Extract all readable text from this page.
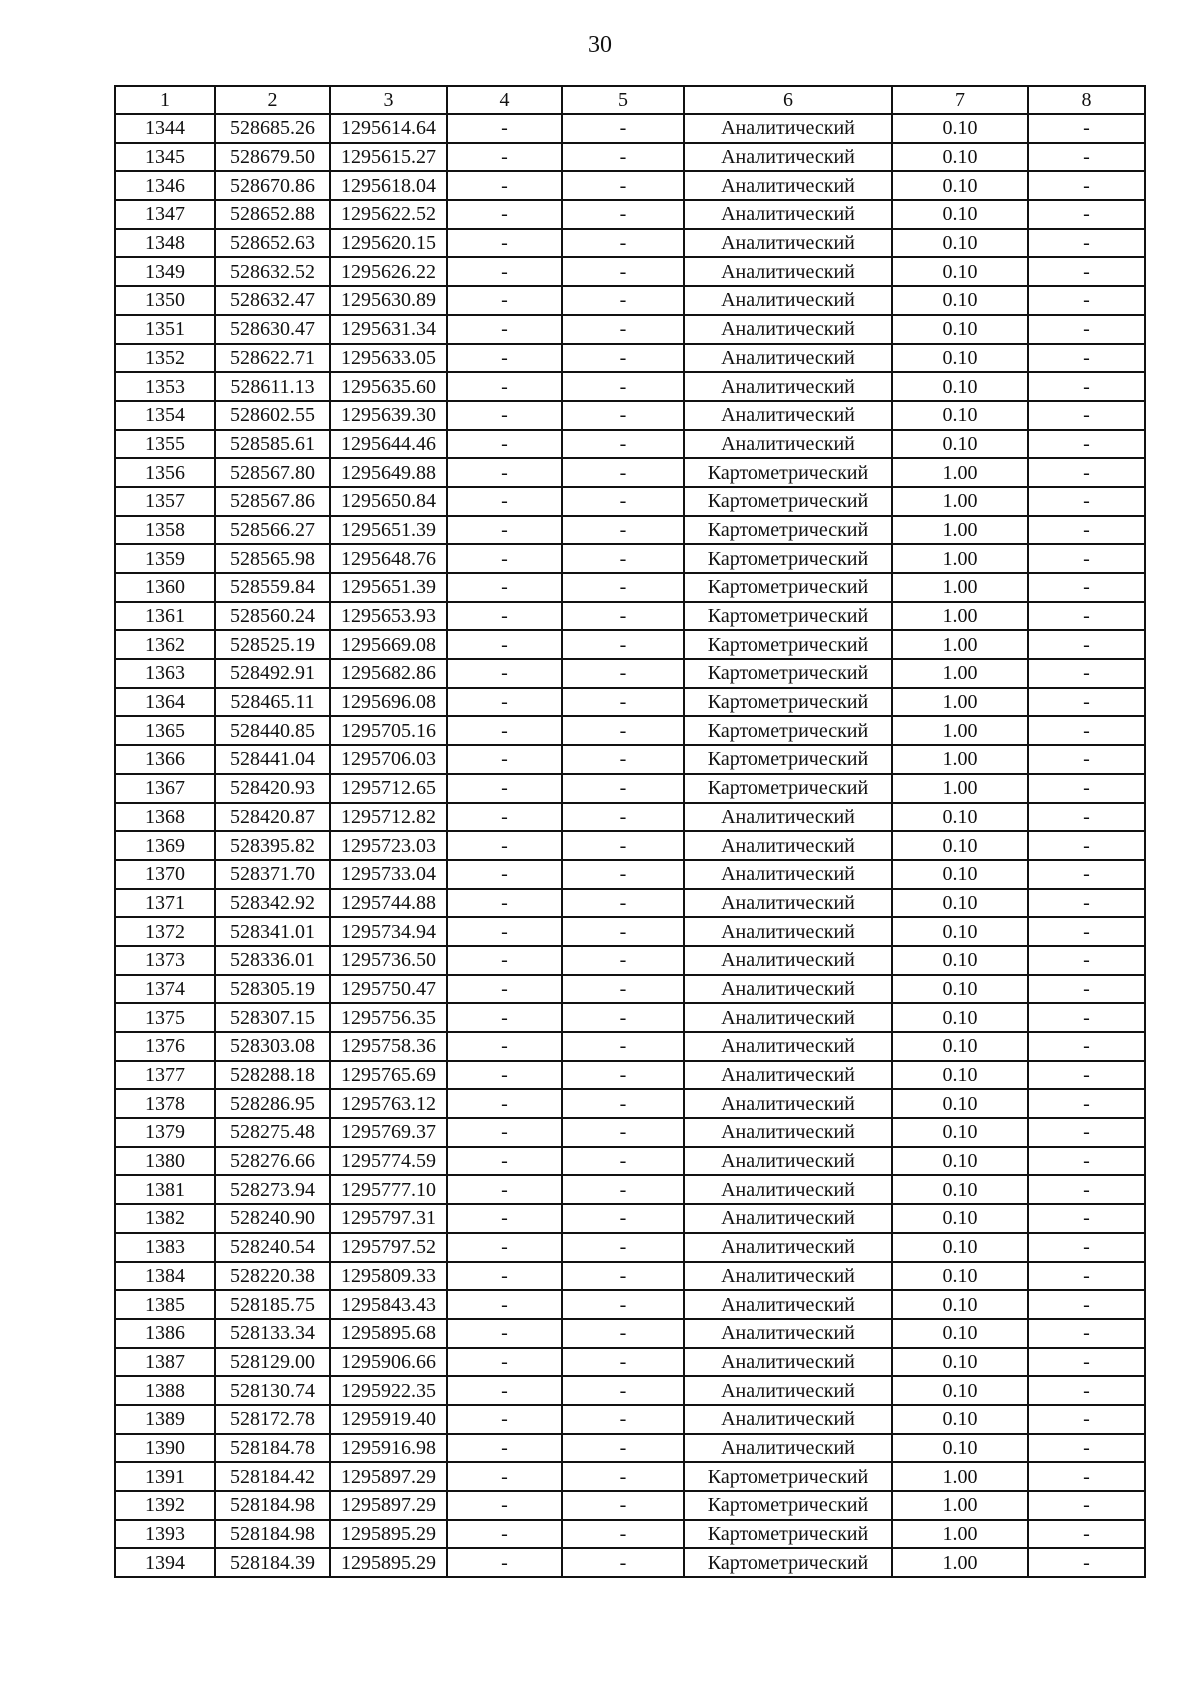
30
1	2	3	4	5	6	7	8
1344	528685.26	1295614.64	-	-	Аналитический	0.10	-
1345	528679.50	1295615.27	-	-	Аналитический	0.10	-
1346	528670.86	1295618.04	-	-	Аналитический	0.10	-
1347	528652.88	1295622.52	-	-	Аналитический	0.10	-
1348	528652.63	1295620.15	-	-	Аналитический	0.10	-
1349	528632.52	1295626.22	-	-	Аналитический	0.10	-
1350	528632.47	1295630.89	-	-	Аналитический	0.10	-
1351	528630.47	1295631.34	-	-	Аналитический	0.10	-
1352	528622.71	1295633.05	-	-	Аналитический	0.10	-
1353	528611.13	1295635.60	-	-	Аналитический	0.10	-
1354	528602.55	1295639.30	-	-	Аналитический	0.10	-
1355	528585.61	1295644.46	-	-	Аналитический	0.10	-
1356	528567.80	1295649.88	-	-	Картометрический	1.00	-
1357	528567.86	1295650.84	-	-	Картометрический	1.00	-
1358	528566.27	1295651.39	-	-	Картометрический	1.00	-
1359	528565.98	1295648.76	-	-	Картометрический	1.00	-
1360	528559.84	1295651.39	-	-	Картометрический	1.00	-
1361	528560.24	1295653.93	-	-	Картометрический	1.00	-
1362	528525.19	1295669.08	-	-	Картометрический	1.00	-
1363	528492.91	1295682.86	-	-	Картометрический	1.00	-
1364	528465.11	1295696.08	-	-	Картометрический	1.00	-
1365	528440.85	1295705.16	-	-	Картометрический	1.00	-
1366	528441.04	1295706.03	-	-	Картометрический	1.00	-
1367	528420.93	1295712.65	-	-	Картометрический	1.00	-
1368	528420.87	1295712.82	-	-	Аналитический	0.10	-
1369	528395.82	1295723.03	-	-	Аналитический	0.10	-
1370	528371.70	1295733.04	-	-	Аналитический	0.10	-
1371	528342.92	1295744.88	-	-	Аналитический	0.10	-
1372	528341.01	1295734.94	-	-	Аналитический	0.10	-
1373	528336.01	1295736.50	-	-	Аналитический	0.10	-
1374	528305.19	1295750.47	-	-	Аналитический	0.10	-
1375	528307.15	1295756.35	-	-	Аналитический	0.10	-
1376	528303.08	1295758.36	-	-	Аналитический	0.10	-
1377	528288.18	1295765.69	-	-	Аналитический	0.10	-
1378	528286.95	1295763.12	-	-	Аналитический	0.10	-
1379	528275.48	1295769.37	-	-	Аналитический	0.10	-
1380	528276.66	1295774.59	-	-	Аналитический	0.10	-
1381	528273.94	1295777.10	-	-	Аналитический	0.10	-
1382	528240.90	1295797.31	-	-	Аналитический	0.10	-
1383	528240.54	1295797.52	-	-	Аналитический	0.10	-
1384	528220.38	1295809.33	-	-	Аналитический	0.10	-
1385	528185.75	1295843.43	-	-	Аналитический	0.10	-
1386	528133.34	1295895.68	-	-	Аналитический	0.10	-
1387	528129.00	1295906.66	-	-	Аналитический	0.10	-
1388	528130.74	1295922.35	-	-	Аналитический	0.10	-
1389	528172.78	1295919.40	-	-	Аналитический	0.10	-
1390	528184.78	1295916.98	-	-	Аналитический	0.10	-
1391	528184.42	1295897.29	-	-	Картометрический	1.00	-
1392	528184.98	1295897.29	-	-	Картометрический	1.00	-
1393	528184.98	1295895.29	-	-	Картометрический	1.00	-
1394	528184.39	1295895.29	-	-	Картометрический	1.00	-
